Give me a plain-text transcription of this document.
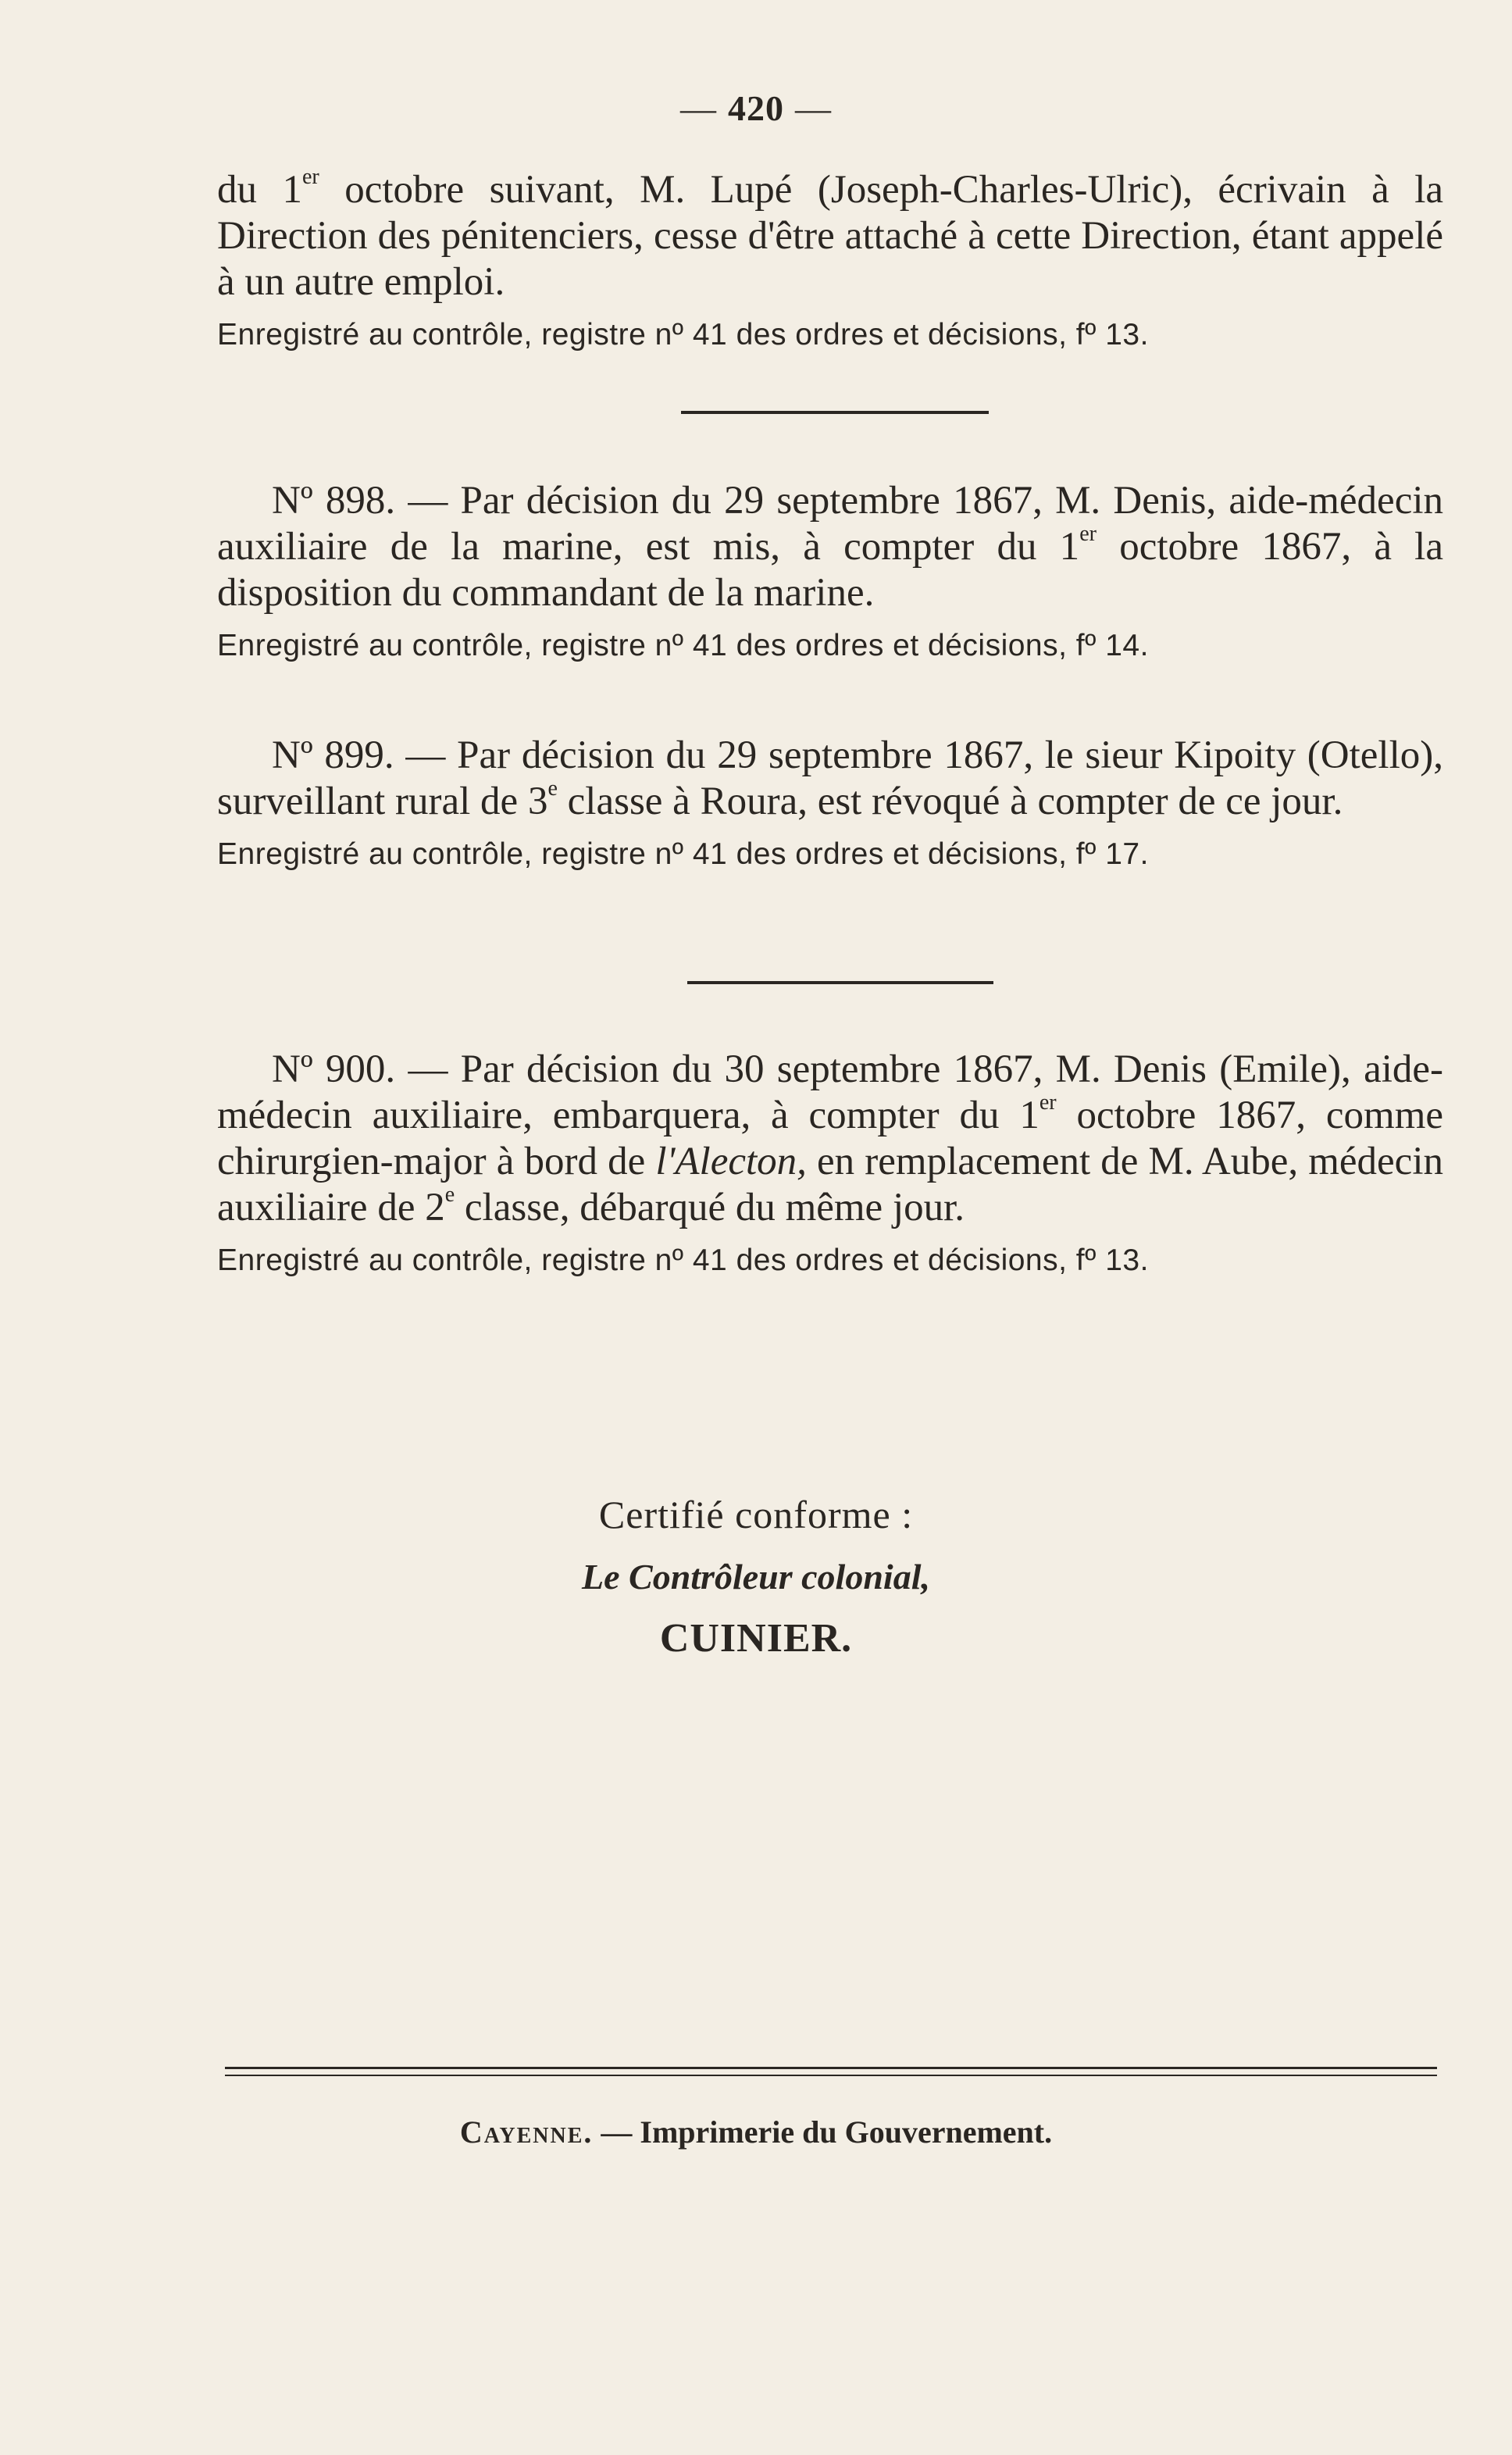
— 420 —

du 1er octobre suivant, M. Lupé (Joseph-Charles-Ulric), écrivain à la Direction des pénitenciers, cesse d'être attaché à cette Direction, étant appelé à un autre emploi.

Enregistré au contrôle, registre nº 41 des ordres et décisions, fº 13.

Nº 898. — Par décision du 29 septembre 1867, M. Denis, aide-médecin auxiliaire de la marine, est mis, à compter du 1er octobre 1867, à la disposition du commandant de la marine.

Enregistré au contrôle, registre nº 41 des ordres et décisions, fº 14.

Nº 899. — Par décision du 29 septembre 1867, le sieur Kipoity (Otello), surveillant rural de 3e classe à Roura, est révoqué à compter de ce jour.

Enregistré au contrôle, registre nº 41 des ordres et décisions, fº 17.

Nº 900. — Par décision du 30 septembre 1867, M. Denis (Emile), aide-médecin auxiliaire, embarquera, à compter du 1er octobre 1867, comme chirurgien-major à bord de l'Alecton, en remplacement de M. Aube, médecin auxiliaire de 2e classe, débarqué du même jour.

Enregistré au contrôle, registre nº 41 des ordres et décisions, fº 13.

Certifié conforme :
Le Contrôleur colonial,
CUINIER.
Cayenne. — Imprimerie du Gouvernement.
